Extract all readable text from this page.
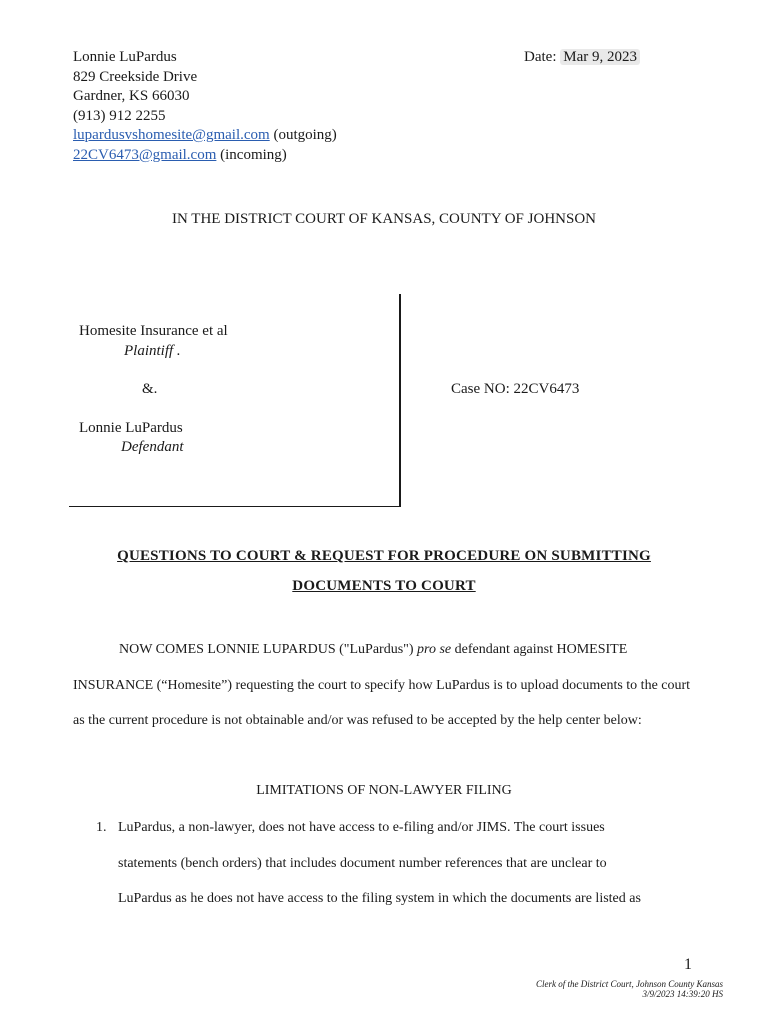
Lonnie LuPardus
829 Creekside Drive
Gardner, KS 66030
(913) 912 2255
lupardusvshomesite@gmail.com (outgoing)
22CV6473@gmail.com (incoming)
Date: Mar 9, 2023
IN THE DISTRICT COURT OF KANSAS, COUNTY OF JOHNSON
Homesite Insurance et al
Plaintiff .
&.
Lonnie LuPardus
Defendant
Case NO: 22CV6473
QUESTIONS TO COURT & REQUEST FOR PROCEDURE ON SUBMITTING
DOCUMENTS TO COURT
NOW COMES LONNIE LUPARDUS ("LuPardus") pro se defendant against HOMESITE INSURANCE (“Homesite”) requesting the court to specify how LuPardus is to upload documents to the court as the current procedure is not obtainable and/or was refused to be accepted by the help center below:
LIMITATIONS OF NON-LAWYER FILING
1. LuPardus, a non-lawyer, does not have access to e-filing and/or JIMS. The court issues
statements (bench orders) that includes document number references that are unclear to
LuPardus as he does not have access to the filing system in which the documents are listed as
1
Clerk of the District Court, Johnson County Kansas
3/9/2023 14:39:20 HS
